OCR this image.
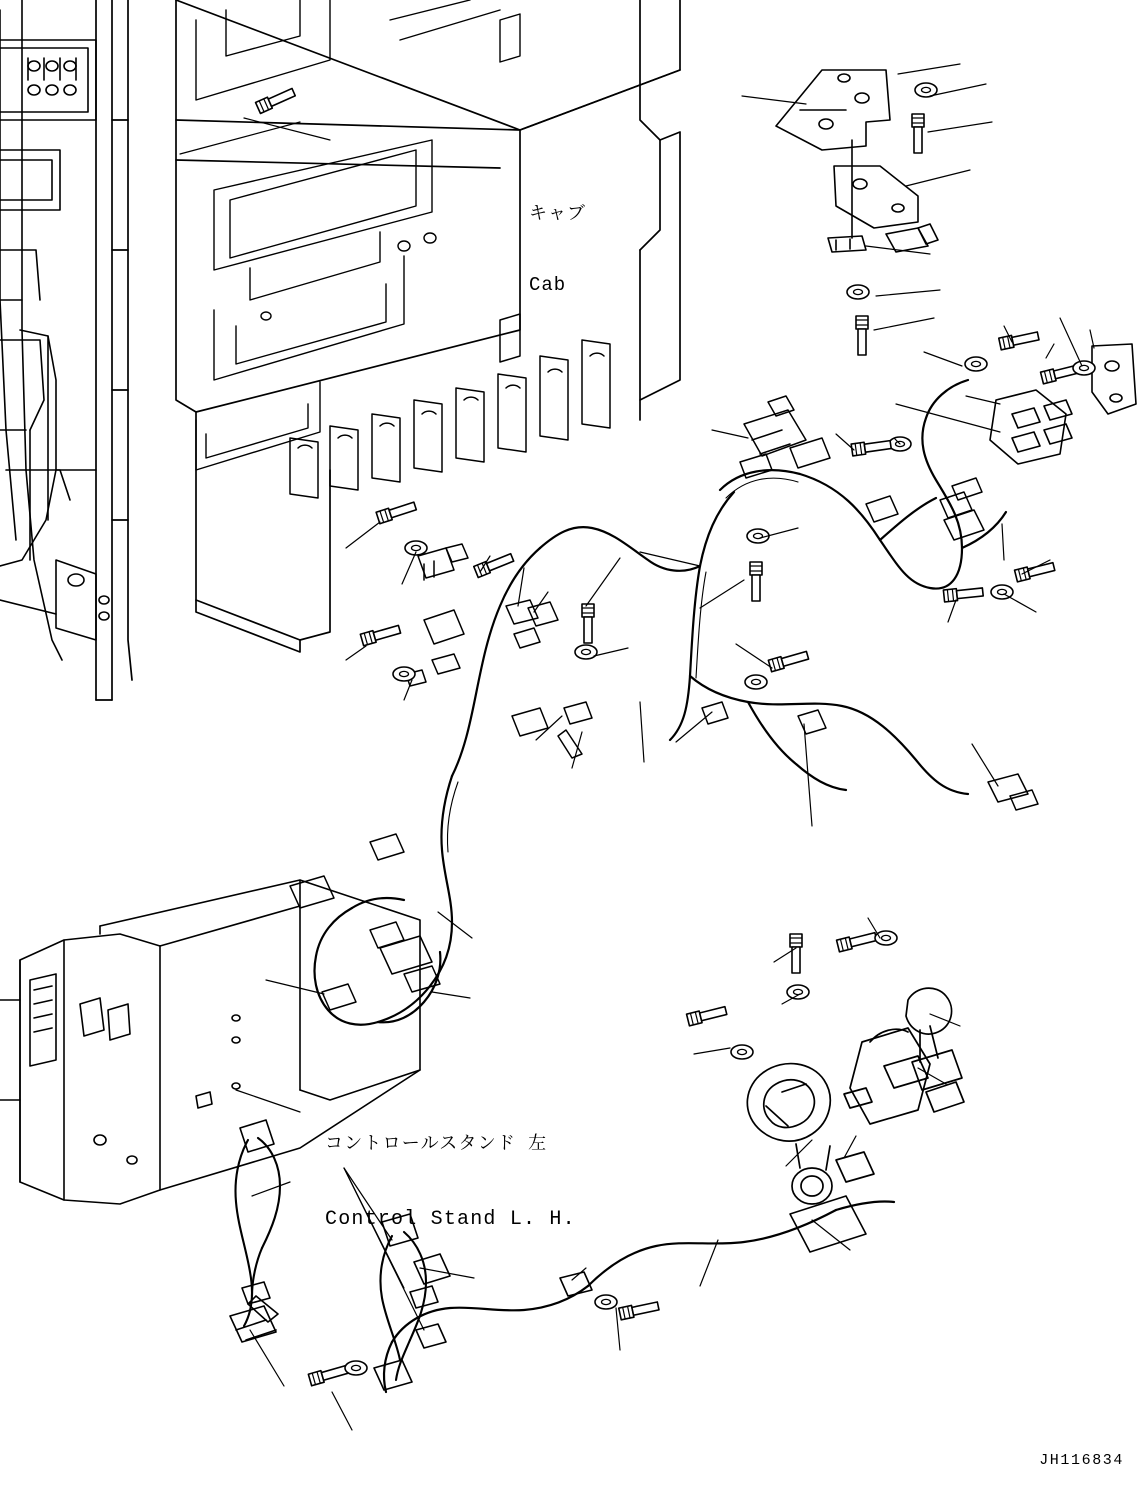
キャブ

Cab

コントロールスタンド 左

Control Stand L. H.

JH116834
